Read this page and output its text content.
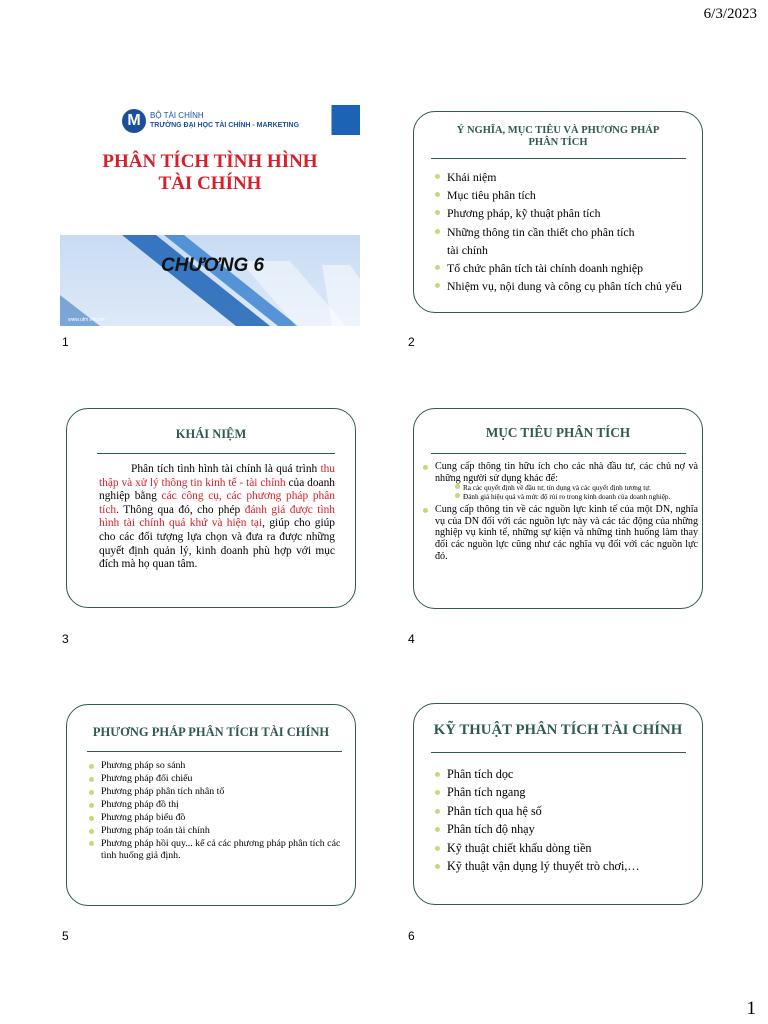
6/3/2023
M	BỘ TÀI CHÍNH
TRƯỜNG ĐẠI HỌC TÀI CHÍNH - MARKETING
PHÂN TÍCH TÌNH HÌNH
TÀI CHÍNH
CHƯƠNG 6
www.ufm.edu.vn
1
Ý NGHĨA, MỤC TIÊU VÀ PHƯƠNG PHÁP
PHÂN TÍCH
Khái niệm
Mục tiêu phân tích
Phương pháp, kỹ thuật phân tích
Những thông tin cần thiết cho phân tích tài chính
Tổ chức phân tích tài chính doanh nghiệp
Nhiệm vụ, nội dung và công cụ phân tích chủ yếu
2
KHÁI NIỆM
Phân tích tình hình tài chính là quá trình thu thập và xử lý thông tin kinh tế - tài chính của doanh nghiệp bằng các công cụ, các phương pháp phân tích. Thông qua đó, cho phép đánh giá được tình hình tài chính quá khứ và hiện tại, giúp cho giúp cho các đối tượng lựa chọn và đưa ra được những quyết định quản lý, kinh doanh phù hợp với mục đích mà họ quan tâm.
3
MỤC TIÊU PHÂN TÍCH
Cung cấp thông tin hữu ích cho các nhà đầu tư, các chủ nợ và những người sử dụng khác để:
• Ra các quyết định về đầu tư, tín dụng và các quyết định tương tự.
• Đánh giá hiệu quả và mức độ rủi ro trong kinh doanh của doanh nghiệp.
Cung cấp thông tin về các nguồn lực kinh tế của một DN, nghĩa vụ của DN đối với các nguồn lực này và các tác động của những nghiệp vụ kinh tế, những sự kiện và những tình huống làm thay đổi các nguồn lực cũng như các nghĩa vụ đối với các nguồn lực đó.
4
PHƯƠNG PHÁP PHÂN TÍCH TÀI CHÍNH
Phương pháp so sánh
Phương pháp đối chiếu
Phương pháp phân tích nhân tố
Phương pháp đồ thị
Phương pháp biểu đồ
Phương pháp toán tài chính
Phương pháp hồi quy... kể cả các phương pháp phân tích các tình huống giả định.
5
KỸ THUẬT PHÂN TÍCH TÀI CHÍNH
Phân tích dọc
Phân tích ngang
Phân tích qua hệ số
Phân tích độ nhạy
Kỹ thuật chiết khấu dòng tiền
Kỹ thuật vận dụng lý thuyết trò chơi,…
6
1
